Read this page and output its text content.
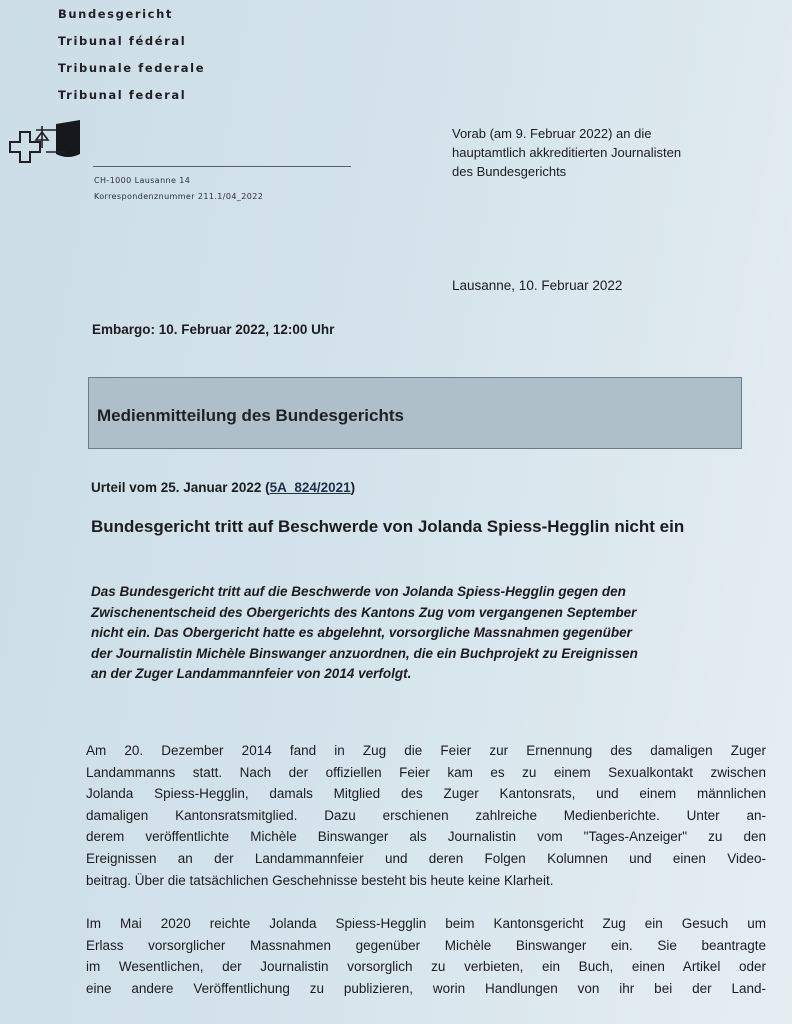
Bundesgericht
Tribunal fédéral
Tribunale federale
Tribunal federal
CH-1000 Lausanne 14
Korrespondenznummer 211.1/04_2022
Vorab (am 9. Februar 2022) an die
hauptamtlich akkreditierten Journalisten
des Bundesgerichts
Lausanne, 10. Februar 2022
Embargo: 10. Februar 2022, 12:00 Uhr
Medienmitteilung des Bundesgerichts
Urteil vom 25. Januar 2022 (5A_824/2021)
Bundesgericht tritt auf Beschwerde von Jolanda Spiess-Hegglin nicht ein
Das Bundesgericht tritt auf die Beschwerde von Jolanda Spiess-Hegglin gegen den
Zwischenentscheid des Obergerichts des Kantons Zug vom vergangenen September
nicht ein. Das Obergericht hatte es abgelehnt, vorsorgliche Massnahmen gegenüber
der Journalistin Michèle Binswanger anzuordnen, die ein Buchprojekt zu Ereignissen
an der Zuger Landammannfeier von 2014 verfolgt.
Am 20. Dezember 2014 fand in Zug die Feier zur Ernennung des damaligen Zuger
Landammanns statt. Nach der offiziellen Feier kam es zu einem Sexualkontakt zwischen
Jolanda Spiess-Hegglin, damals Mitglied des Zuger Kantonsrats, und einem männlichen
damaligen Kantonsratsmitglied. Dazu erschienen zahlreiche Medienberichte. Unter an-
derem veröffentlichte Michèle Binswanger als Journalistin vom "Tages-Anzeiger" zu den
Ereignissen an der Landammannfeier und deren Folgen Kolumnen und einen Video-
beitrag. Über die tatsächlichen Geschehnisse besteht bis heute keine Klarheit.
Im Mai 2020 reichte Jolanda Spiess-Hegglin beim Kantonsgericht Zug ein Gesuch um
Erlass vorsorglicher Massnahmen gegenüber Michèle Binswanger ein. Sie beantragte
im Wesentlichen, der Journalistin vorsorglich zu verbieten, ein Buch, einen Artikel oder
eine andere Veröffentlichung zu publizieren, worin Handlungen von ihr bei der Land-
